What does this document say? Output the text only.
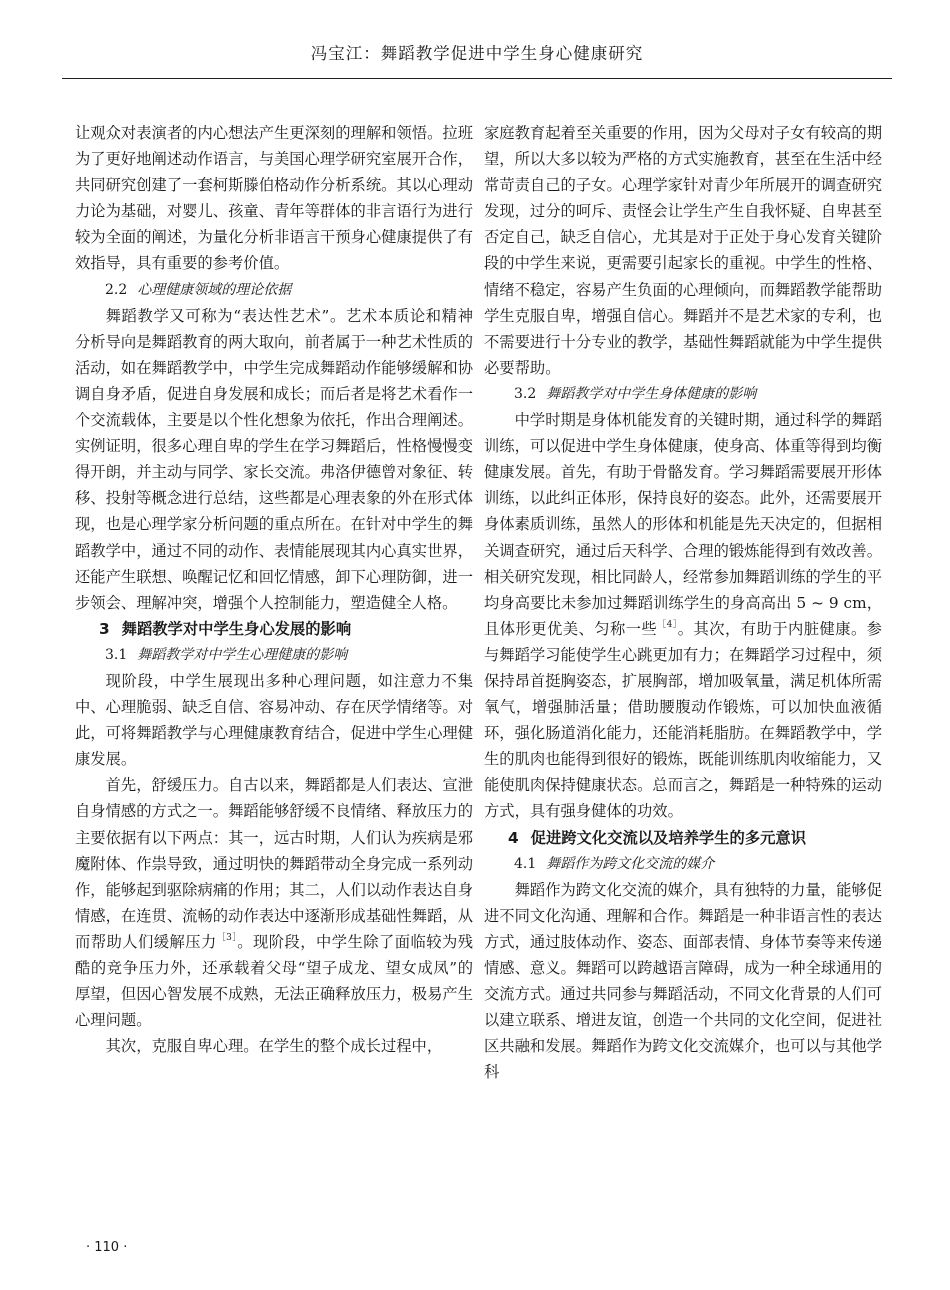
冯宝江：舞蹈教学促进中学生身心健康研究

让观众对表演者的内心想法产生更深刻的理解和领悟。拉班为了更好地阐述动作语言，与美国心理学研究室展开合作，共同研究创建了一套柯斯滕伯格动作分析系统。其以心理动力论为基础，对婴儿、孩童、青年等群体的非言语行为进行较为全面的阐述，为量化分析非语言干预身心健康提供了有效指导，具有重要的参考价值。

2.2 心理健康领域的理论依据

舞蹈教学又可称为“表达性艺术”。艺术本质论和精神分析导向是舞蹈教育的两大取向，前者属于一种艺术性质的活动，如在舞蹈教学中，中学生完成舞蹈动作能够缓解和协调自身矛盾，促进自身发展和成长；而后者是将艺术看作一个交流载体，主要是以个性化想象为依托，作出合理阐述。实例证明，很多心理自卑的学生在学习舞蹈后，性格慢慢变得开朗，并主动与同学、家长交流。弗洛伊德曾对象征、转移、投射等概念进行总结，这些都是心理表象的外在形式体现，也是心理学家分析问题的重点所在。在针对中学生的舞蹈教学中，通过不同的动作、表情能展现其内心真实世界，还能产生联想、唤醒记忆和回忆情感，卸下心理防御，进一步领会、理解冲突，增强个人控制能力，塑造健全人格。

3 舞蹈教学对中学生身心发展的影响
3.1 舞蹈教学对中学生心理健康的影响

现阶段，中学生展现出多种心理问题，如注意力不集中、心理脆弱、缺乏自信、容易冲动、存在厌学情绪等。对此，可将舞蹈教学与心理健康教育结合，促进中学生心理健康发展。

首先，舒缓压力。自古以来，舞蹈都是人们表达、宣泄自身情感的方式之一。舞蹈能够舒缓不良情绪、释放压力的主要依据有以下两点：其一，远古时期，人们认为疾病是邪魔附体、作祟导致，通过明快的舞蹈带动全身完成一系列动作，能够起到驱除病痛的作用；其二，人们以动作表达自身情感，在连贯、流畅的动作表达中逐渐形成基础性舞蹈，从而帮助人们缓解压力$^{[3]}$。现阶段，中学生除了面临较为残酷的竞争压力外，还承载着父母“望子成龙、望女成凤”的厚望，但因心智发展不成熟，无法正确释放压力，极易产生心理问题。

其次，克服自卑心理。在学生的整个成长过程中，

家庭教育起着至关重要的作用，因为父母对子女有较高的期望，所以大多以较为严格的方式实施教育，甚至在生活中经常苛责自己的子女。心理学家针对青少年所展开的调查研究发现，过分的呵斥、责怪会让学生产生自我怀疑、自卑甚至否定自己，缺乏自信心，尤其是对于正处于身心发育关键阶段的中学生来说，更需要引起家长的重视。中学生的性格、情绪不稳定，容易产生负面的心理倾向，而舞蹈教学能帮助学生克服自卑，增强自信心。舞蹈并不是艺术家的专利，也不需要进行十分专业的教学，基础性舞蹈就能为中学生提供必要帮助。

3.2 舞蹈教学对中学生身体健康的影响

中学时期是身体机能发育的关键时期，通过科学的舞蹈训练，可以促进中学生身体健康，使身高、体重等得到均衡健康发展。首先，有助于骨骼发育。学习舞蹈需要展开形体训练，以此纠正体形，保持良好的姿态。此外，还需要展开身体素质训练，虽然人的形体和机能是先天决定的，但据相关调查研究，通过后天科学、合理的锻炼能得到有效改善。相关研究发现，相比同龄人，经常参加舞蹈训练的学生的平均身高要比未参加过舞蹈训练学生的身高高出 5 ~ 9 cm，且体形更优美、匀称一些$^{[4]}$。其次，有助于内脏健康。参与舞蹈学习能使学生心跳更加有力；在舞蹈学习过程中，须保持昂首挺胸姿态，扩展胸部，增加吸氧量，满足机体所需氧气，增强肺活量；借助腰腹动作锻炼，可以加快血液循环，强化肠道消化能力，还能消耗脂肪。在舞蹈教学中，学生的肌肉也能得到很好的锻炼，既能训练肌肉收缩能力，又能使肌肉保持健康状态。总而言之，舞蹈是一种特殊的运动方式，具有强身健体的功效。

4 促进跨文化交流以及培养学生的多元意识
4.1 舞蹈作为跨文化交流的媒介

舞蹈作为跨文化交流的媒介，具有独特的力量，能够促进不同文化沟通、理解和合作。舞蹈是一种非语言性的表达方式，通过肢体动作、姿态、面部表情、身体节奏等来传递情感、意义。舞蹈可以跨越语言障碍，成为一种全球通用的交流方式。通过共同参与舞蹈活动，不同文化背景的人们可以建立联系、增进友谊，创造一个共同的文化空间，促进社区共融和发展。舞蹈作为跨文化交流媒介，也可以与其他学科

· 110 ·
